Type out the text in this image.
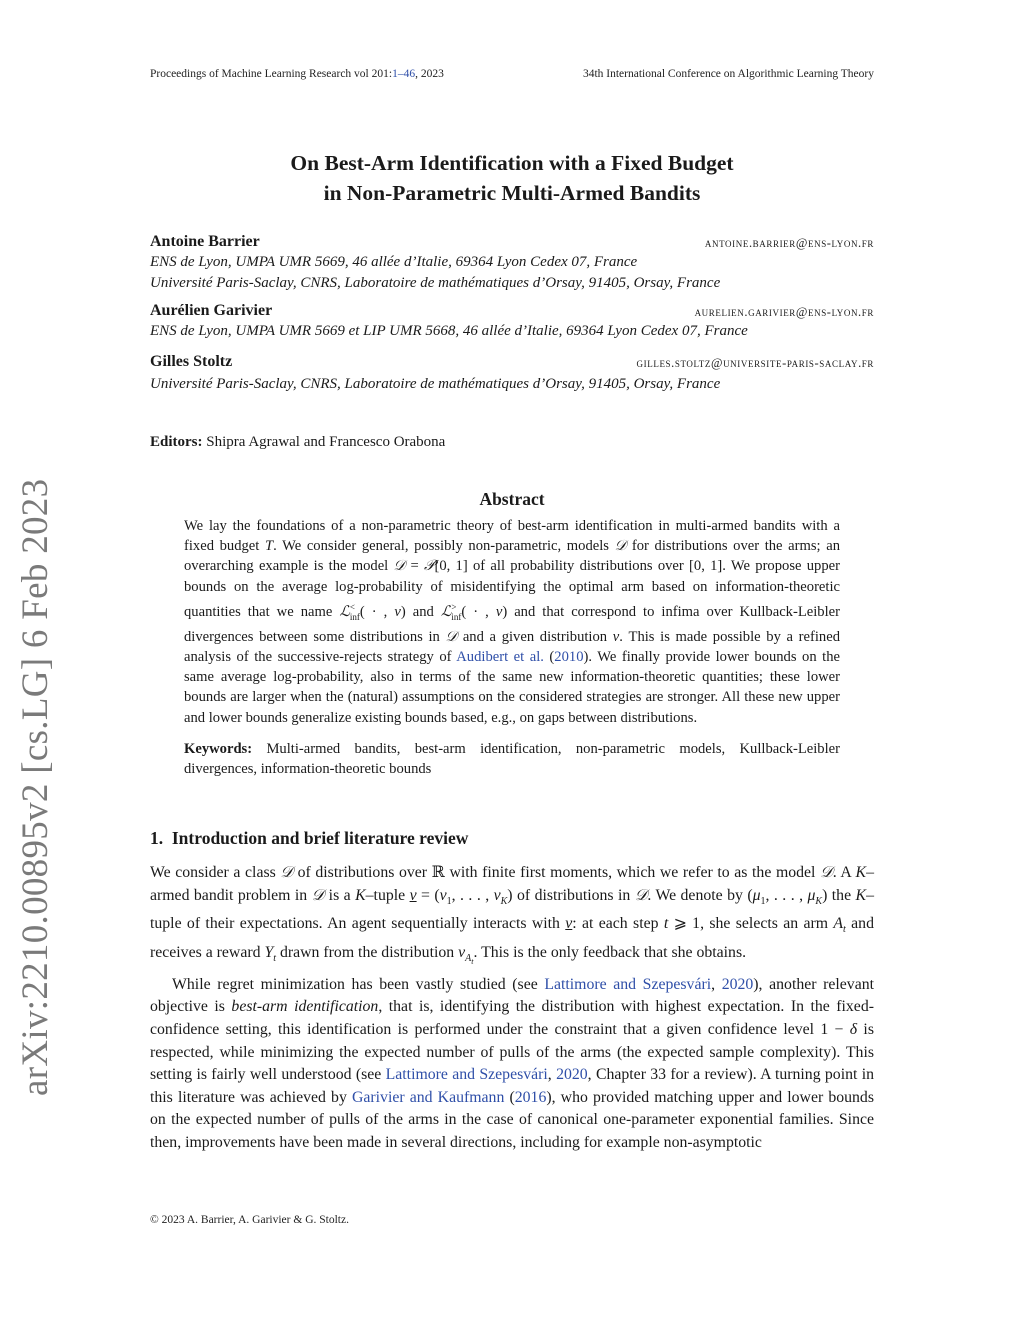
Proceedings of Machine Learning Research vol 201:1–46, 2023	34th International Conference on Algorithmic Learning Theory
arXiv:2210.00895v2 [cs.LG] 6 Feb 2023
On Best-Arm Identification with a Fixed Budget
in Non-Parametric Multi-Armed Bandits
Antoine Barrier	antoine.barrier@ens-lyon.fr
ENS de Lyon, UMPA UMR 5669, 46 allée d’Italie, 69364 Lyon Cedex 07, France
Université Paris-Saclay, CNRS, Laboratoire de mathématiques d’Orsay, 91405, Orsay, France
Aurélien Garivier	aurelien.garivier@ens-lyon.fr
ENS de Lyon, UMPA UMR 5669 et LIP UMR 5668, 46 allée d’Italie, 69364 Lyon Cedex 07, France
Gilles Stoltz	gilles.stoltz@universite-paris-saclay.fr
Université Paris-Saclay, CNRS, Laboratoire de mathématiques d’Orsay, 91405, Orsay, France
Editors: Shipra Agrawal and Francesco Orabona
Abstract

We lay the foundations of a non-parametric theory of best-arm identification in multi-armed bandits with a fixed budget T. We consider general, possibly non-parametric, models 𝒟 for distributions over the arms; an overarching example is the model 𝒟 = 𝒫[0, 1] of all probability distributions over [0, 1]. We propose upper bounds on the average log-probability of misidentifying the optimal arm based on information-theoretic quantities that we name ℒ<$_{inf}$( · , ν) and ℒ>$_{inf}$( · , ν) and that correspond to infima over Kullback-Leibler divergences between some distributions in 𝒟 and a given distribution ν. This is made possible by a refined analysis of the successive-rejects strategy of Audibert et al. (2010). We finally provide lower bounds on the same average log-probability, also in terms of the same new information-theoretic quantities; these lower bounds are larger when the (natural) assumptions on the considered strategies are stronger. All these new upper and lower bounds generalize existing bounds based, e.g., on gaps between distributions.

Keywords: Multi-armed bandits, best-arm identification, non-parametric models, Kullback-Leibler divergences, information-theoretic bounds
1. Introduction and brief literature review

We consider a class 𝒟 of distributions over ℝ with finite first moments, which we refer to as the model 𝒟. A K–armed bandit problem in 𝒟 is a K–tuple $\nu = (\nu_1$, . . . , $\nu_K$) of distributions in 𝒟. We denote by ($\mu_1$, . . . , $\mu_K$) the K–tuple of their expectations. An agent sequentially interacts with ν: at each step t ⩾ 1, she selects an arm $A_t$ and receives a reward $Y_t$ drawn from the distribution $\nu_{A_t}$. This is the only feedback that she obtains.

While regret minimization has been vastly studied (see Lattimore and Szepesvári, 2020), another relevant objective is best-arm identification, that is, identifying the distribution with highest expectation. In the fixed-confidence setting, this identification is performed under the constraint that a given confidence level 1 − δ is respected, while minimizing the expected number of pulls of the arms (the expected sample complexity). This setting is fairly well understood (see Lattimore and Szepesvári, 2020, Chapter 33 for a review). A turning point in this literature was achieved by Garivier and Kaufmann (2016), who provided matching upper and lower bounds on the expected number of pulls of the arms in the case of canonical one-parameter exponential families. Since then, improvements have been made in several directions, including for example non-asymptotic

© 2023 A. Barrier, A. Garivier & G. Stoltz.
